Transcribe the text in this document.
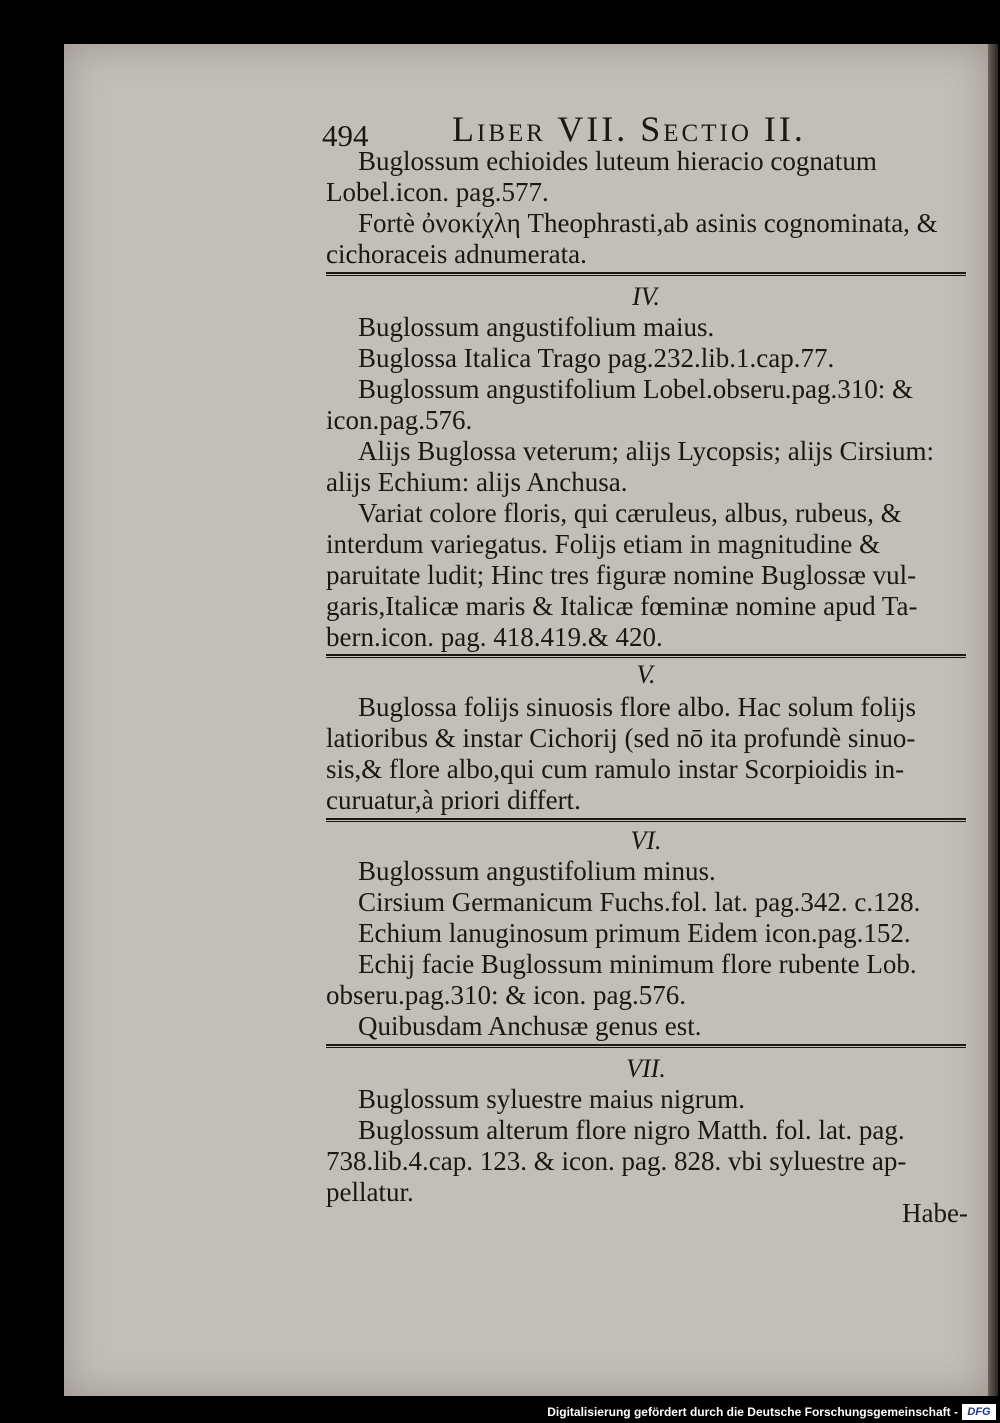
494 Liber VII. Sectio II.
Buglossum echioides luteum hieracio cognatum
Lobel.icon. pag.577.
Fortè ὀνοκίχλη Theophrasti,ab asinis cognominata, &
cichoraceis adnumerata.
IV.
Buglossum angustifolium maius.
Buglossa Italica Trago pag.232.lib.1.cap.77.
Buglossum angustifolium Lobel.obseru.pag.310: &
icon.pag.576.
Alijs Buglossa veterum; alijs Lycopsis; alijs Cirsium:
alijs Echium: alijs Anchusa.
Variat colore floris, qui cæruleus, albus, rubeus, &
interdum variegatus. Folijs etiam in magnitudine &
paruitate ludit; Hinc tres figuræ nomine Buglossæ vul-
garis,Italicæ maris & Italicæ fœminæ nomine apud Ta-
bern.icon. pag. 418.419.& 420.
V.
Buglossa folijs sinuosis flore albo. Hac solum folijs
latioribus & instar Cichorij (sed nō ita profundè sinuo-
sis,& flore albo,qui cum ramulo instar Scorpioidis in-
curuatur,à priori differt.
VI.
Buglossum angustifolium minus.
Cirsium Germanicum Fuchs.fol. lat. pag.342. c.128.
Echium lanuginosum primum Eidem icon.pag.152.
Echij facie Buglossum minimum flore rubente Lob.
obseru.pag.310: & icon. pag.576.
Quibusdam Anchusæ genus est.
VII.
Buglossum syluestre maius nigrum.
Buglossum alterum flore nigro Matth. fol. lat. pag.
738.lib.4.cap. 123. & icon. pag. 828. vbi syluestre ap-
pellatur.
Habe-
Digitalisierung gefördert durch die Deutsche Forschungsgemeinschaft - DFG
